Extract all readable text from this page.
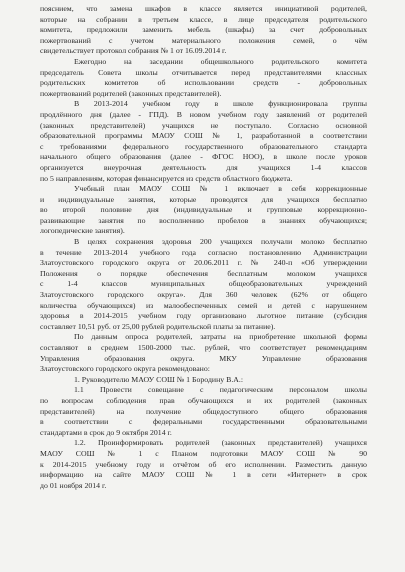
пояснием, что замена шкафов в классе является инициативой родителей,
которые на собрании в третьем классе, в лице председателя родительского
комитета, предложили заменить мебель (шкафы) за счет добровольных
пожертвований с учетом материального положения семей, о чём
свидетельствует протокол собрания № 1 от 16.09.2014 г.
Ежегодно на заседании общешкольного родительского комитета
председатель Совета школы отчитывается перед представителями классных
родительских комитетов об использовании средств - добровольных
пожертвований родителей (законных представителей).
В 2013-2014 учебном году в школе функционировала группы
продлённого дня (далее - ГПД). В новом учебном году заявлений от родителей
(законных представителей) учащихся не поступало. Согласно основной
образовательной программы МАОУ СОШ № 1, разработанной в соответствии
с требованиями федерального государственного образовательного стандарта
начального общего образования (далее - ФГОС НОО), в школе после уроков
организуется внеурочная деятельность для учащихся 1-4 классов
по 5 направлениям, которая финансируется из средств областного бюджета.
Учебный план МАОУ СОШ № 1 включает в себя коррекционные
и индивидуальные занятия, которые проводятся для учащихся бесплатно
во второй половине дня (индивидуальные и групповые коррекционно-
развивающие занятия по восполнению пробелов в знаниях обучающихся;
логопедические занятия).
В целях сохранения здоровья 200 учащихся получали молоко бесплатно
в течение 2013-2014 учебного года согласно постановлению Администрации
Златоустовского городского округа от 20.06.2011 г. № 240-п «Об утверждении
Положения о порядке обеспечения бесплатным молоком учащихся
с 1-4 классов муниципальных общеобразовательных учреждений
Златоустовского городского округа». Для 360 человек (62% от общего
количества обучающихся) из малообеспеченных семей и детей с нарушением
здоровья в 2014-2015 учебном году организовано льготное питание (субсидия
составляет 10,51 руб. от 25,00 рублей родительской платы за питание).
По данным опроса родителей, затраты на приобретение школьной формы
составляют в среднем 1500-2000 тыс. рублей, что соответствует рекомендациям
Управления образования округа. МКУ Управление образования
Златоустовского городского округа рекомендовано:
1. Руководителю МАОУ СОШ № 1 Бородину В.А.:
1.1 Провести совещание с педагогическим персоналом школы
по вопросам соблюдения прав обучающихся и их родителей (законных
представителей) на получение общедоступного общего образования
в соответствии с федеральными государственными образовательными
стандартами в срок до 9 октября 2014 г.
1.2. Проинформировать родителей (законных представителей) учащихся
МАОУ СОШ № 1 с Планом подготовки МАОУ СОШ № 90
к 2014-2015 учебному году и отчётом об его исполнении. Разместить данную
информацию на сайте МАОУ СОШ № 1 в сети «Интернет» в срок
до 01 ноября 2014 г.
